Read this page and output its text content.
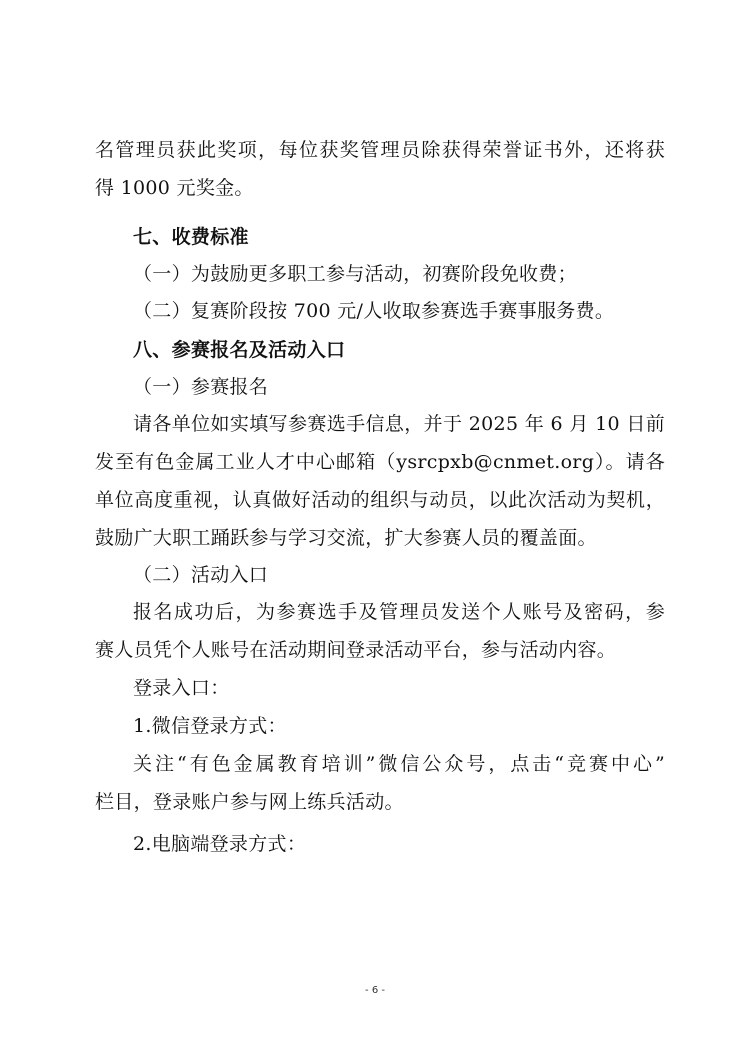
名管理员获此奖项，每位获奖管理员除获得荣誉证书外，还将获
得 1000 元奖金。
七、收费标准
（一）为鼓励更多职工参与活动，初赛阶段免收费；
（二）复赛阶段按 700 元/人收取参赛选手赛事服务费。
八、参赛报名及活动入口
（一）参赛报名
请各单位如实填写参赛选手信息，并于 2025 年 6 月 10 日前
发至有色金属工业人才中心邮箱（ysrcpxb@cnmet.org）。请各
单位高度重视，认真做好活动的组织与动员，以此次活动为契机，
鼓励广大职工踊跃参与学习交流，扩大参赛人员的覆盖面。
（二）活动入口
报名成功后，为参赛选手及管理员发送个人账号及密码，参
赛人员凭个人账号在活动期间登录活动平台，参与活动内容。
登录入口：
1.微信登录方式：
关注“有色金属教育培训”微信公众号，点击“竞赛中心”
栏目，登录账户参与网上练兵活动。
2.电脑端登录方式：
- 6 -
